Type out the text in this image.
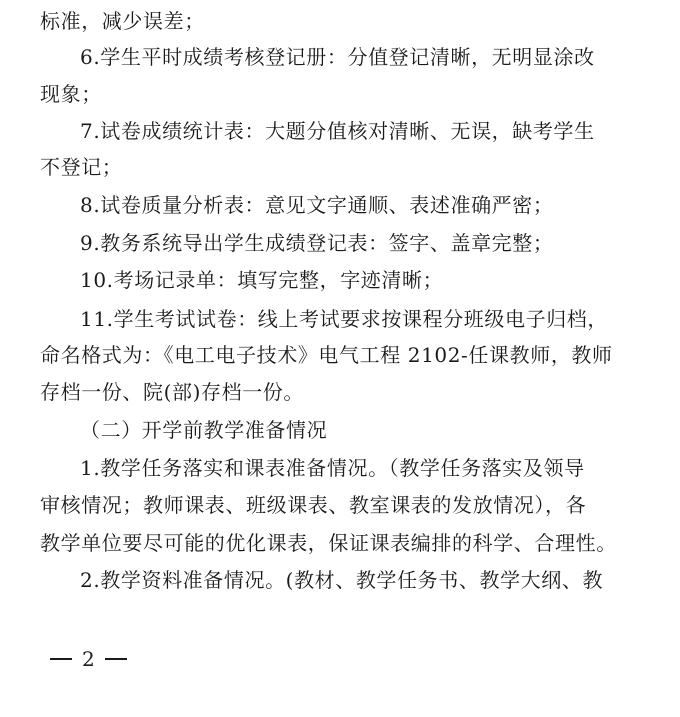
标准，减少误差；
6.学生平时成绩考核登记册：分值登记清晰，无明显涂改
现象；
7.试卷成绩统计表：大题分值核对清晰、无误，缺考学生
不登记；
8.试卷质量分析表：意见文字通顺、表述准确严密；
9.教务系统导出学生成绩登记表：签字、盖章完整；
10.考场记录单：填写完整，字迹清晰；
11.学生考试试卷：线上考试要求按课程分班级电子归档，
命名格式为：《电工电子技术》电气工程 2102-任课教师，教师
存档一份、院(部)存档一份。
（二）开学前教学准备情况
1.教学任务落实和课表准备情况。（教学任务落实及领导
审核情况；教师课表、班级课表、教室课表的发放情况），各
教学单位要尽可能的优化课表，保证课表编排的科学、合理性。
2.教学资料准备情况。(教材、教学任务书、教学大纲、教
2
